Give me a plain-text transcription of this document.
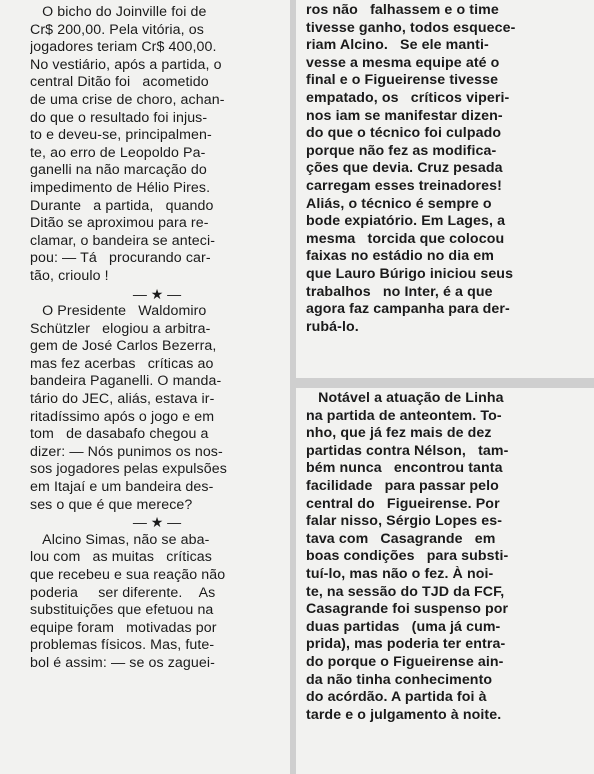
O bicho do Joinville foi de
Cr$ 200,00. Pela vitória, os
jogadores teriam Cr$ 400,00.
No vestiário, após a partida, o
central Ditão foi   acometido
de uma crise de choro, achan-
do que o resultado foi injus-
to e deveu-se, principalmen-
te, ao erro de Leopoldo Pa-
ganelli na não marcação do
impedimento de Hélio Pires.
Durante   a partida,   quando
Ditão se aproximou para re-
clamar, o bandeira se anteci-
pou: — Tá   procurando car-
tão, crioulo !

— ★ —

O Presidente   Waldomiro
Schützler   elogiou a arbitra-
gem de José Carlos Bezerra,
mas fez acerbas   críticas ao
bandeira Paganelli. O manda-
tário do JEC, aliás, estava ir-
ritadíssimo após o jogo e em
tom   de dasabafo chegou a
dizer: — Nós punimos os nos-
sos jogadores pelas expulsões
em Itajaí e um bandeira des-
ses o que é que merece?

— ★ —

Alcino Simas, não se aba-
lou com   as muitas   críticas
que recebeu e sua reação não
poderia     ser diferente.    As
substituições que efetuou na
equipe foram   motivadas por
problemas físicos. Mas, fute-
bol é assim: — se os zaguei-

ros não   falhassem e o time
tivesse ganho, todos esquece-
riam Alcino.   Se ele manti-
vesse a mesma equipe até o
final e o Figueirense tivesse
empatado, os   críticos viperi-
nos iam se manifestar dizen-
do que o técnico foi culpado
porque não fez as modifica-
ções que devia. Cruz pesada
carregam esses treinadores!
Aliás, o técnico é sempre o
bode expiatório. Em Lages, a
mesma   torcida que colocou
faixas no estádio no dia em
que Lauro Búrigo iniciou seus
trabalhos   no Inter, é a que
agora faz campanha para der-
rubá-lo.

Notável a atuação de Linha
na partida de anteontem. To-
nho, que já fez mais de dez
partidas contra Nélson,   tam-
bém nunca   encontrou tanta
facilidade   para passar pelo
central do   Figueirense. Por
falar nisso, Sérgio Lopes es-
tava com   Casagrande   em
boas condições   para substi-
tuí-lo, mas não o fez. À noi-
te, na sessão do TJD da FCF,
Casagrande foi suspenso por
duas partidas   (uma já cum-
prida), mas poderia ter entra-
do porque o Figueirense ain-
da não tinha conhecimento
do acórdão. A partida foi à
tarde e o julgamento à noite.
